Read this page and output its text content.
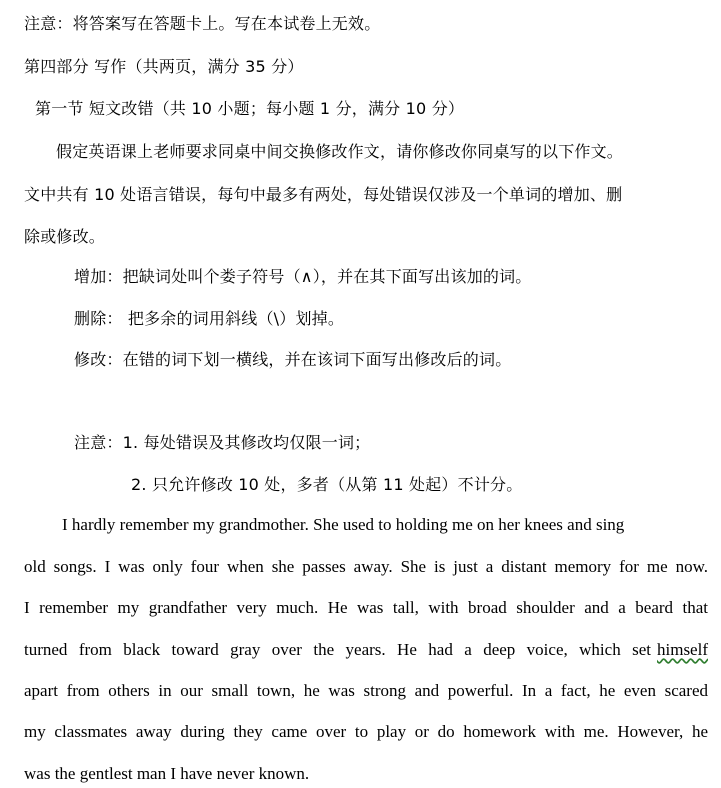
注意：将答案写在答题卡上。写在本试卷上无效。
第四部分 写作（共两页，满分 35 分）
第一节 短文改错（共 10 小题；每小题 1 分，满分 10 分）
假定英语课上老师要求同桌中间交换修改作文，请你修改你同桌写的以下作文。
文中共有 10 处语言错误，每句中最多有两处，每处错误仅涉及一个单词的增加、删
除或修改。
增加：把缺词处叫个娄子符号（∧），并在其下面写出该加的词。
删除： 把多余的词用斜线（\）划掉。
修改：在错的词下划一横线，并在该词下面写出修改后的词。
注意：1. 每处错误及其修改均仅限一词；
2. 只允许修改 10 处，多者（从第 11 处起）不计分。
I hardly remember my grandmother. She used to holding me on her knees and sing
old songs. I was only four when she passes away. She is just a distant memory for me now.
I remember my grandfather very much. He was tall, with broad shoulder and a beard that
turned from black toward gray over the years. He had a deep voice, which set himself
apart from others in our small town, he was strong and powerful. In a fact, he even scared
my classmates away during they came over to play or do homework with me. However, he
was the gentlest man I have never known.
